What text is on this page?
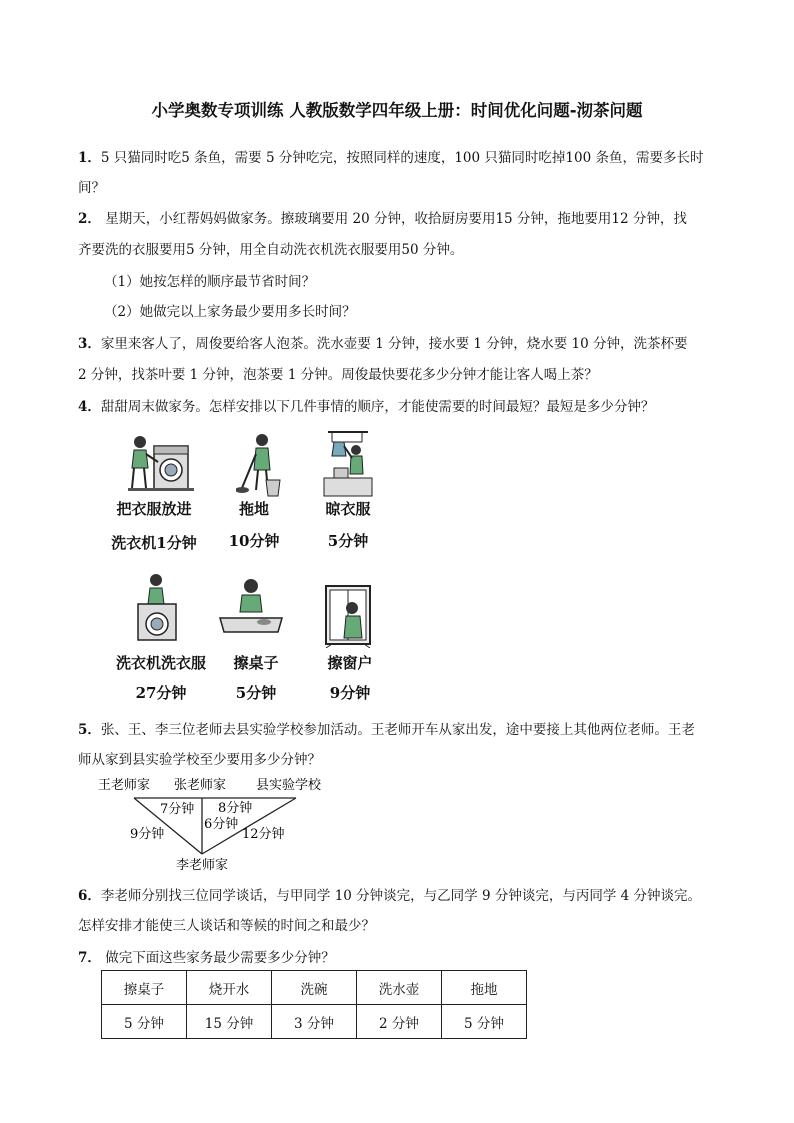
小学奥数专项训练 人教版数学四年级上册：时间优化问题-沏茶问题
1．5 只猫同时吃5 条鱼，需要 5 分钟吃完，按照同样的速度，100 只猫同时吃掉100 条鱼，需要多长时
间？
2． 星期天，小红帮妈妈做家务。擦玻璃要用 20 分钟，收拾厨房要用15 分钟，拖地要用12 分钟，找
齐要洗的衣服要用5 分钟，用全自动洗衣机洗衣服要用50 分钟。
（1）她按怎样的顺序最节省时间？
（2）她做完以上家务最少要用多长时间？
3．家里来客人了，周俊要给客人泡茶。洗水壶要 1 分钟，接水要 1 分钟，烧水要 10 分钟，洗茶杯要
2 分钟，找茶叶要 1 分钟，泡茶要 1 分钟。周俊最快要花多少分钟才能让客人喝上茶？
4．甜甜周末做家务。怎样安排以下几件事情的顺序，才能使需要的时间最短？最短是多少分钟？
把衣服放进
洗衣机1分钟
拖地
10分钟
晾衣服
5分钟
洗衣机洗衣服
27分钟
擦桌子
5分钟
擦窗户
9分钟
5．张、王、李三位老师去县实验学校参加活动。王老师开车从家出发，途中要接上其他两位老师。王老
师从家到县实验学校至少要用多少分钟？
王老师家 张老师家 县实验学校
7分钟 8分钟
6分钟
9分钟	12分钟
李老师家
6．李老师分别找三位同学谈话，与甲同学 10 分钟谈完，与乙同学 9 分钟谈完，与丙同学 4 分钟谈完。
怎样安排才能使三人谈话和等候的时间之和最少？
7． 做完下面这些家务最少需要多少分钟？
擦桌子	烧开水	洗碗	洗水壶	拖地
5 分钟	15 分钟	3 分钟	2 分钟	5 分钟
